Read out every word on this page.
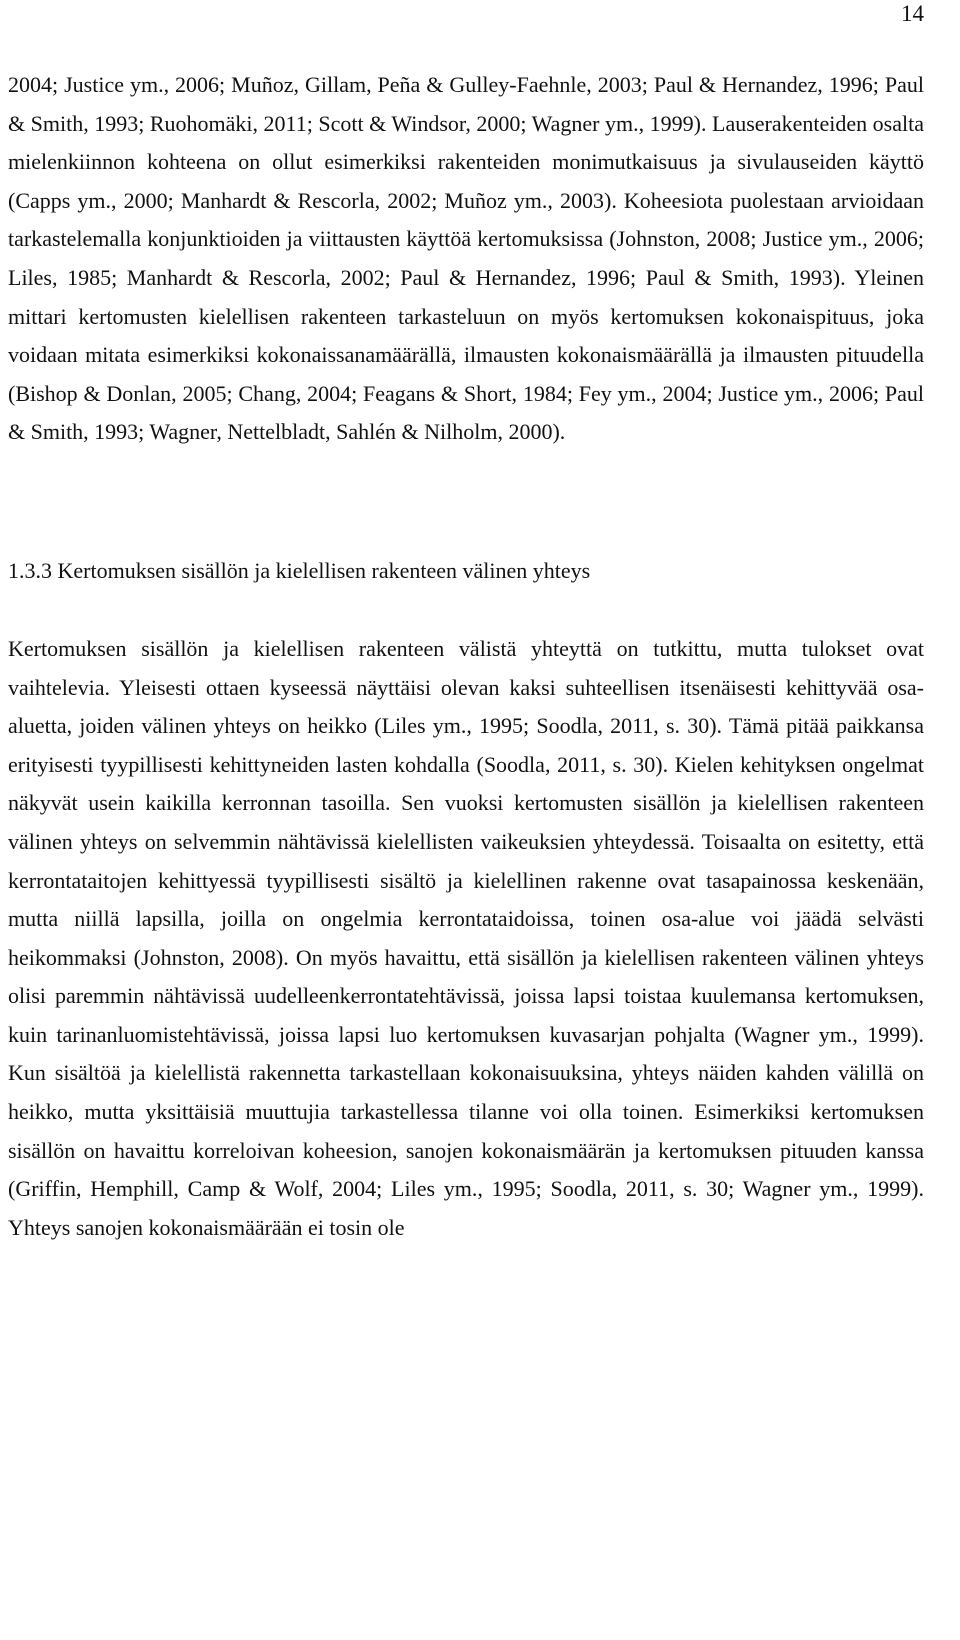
14

2004; Justice ym., 2006; Muñoz, Gillam, Peña & Gulley-Faehnle, 2003; Paul & Hernandez, 1996; Paul & Smith, 1993; Ruohomäki, 2011; Scott & Windsor, 2000; Wagner ym., 1999). Lauserakenteiden osalta mielenkiinnon kohteena on ollut esimerkiksi rakenteiden monimutkaisuus ja sivulauseiden käyttö (Capps ym., 2000; Manhardt & Rescorla, 2002; Muñoz ym., 2003). Koheesiota puolestaan arvioidaan tarkastelemalla konjunktioiden ja viittausten käyttöä kertomuksissa (Johnston, 2008; Justice ym., 2006; Liles, 1985; Manhardt & Rescorla, 2002; Paul & Hernandez, 1996; Paul & Smith, 1993). Yleinen mittari kertomusten kielellisen rakenteen tarkasteluun on myös kertomuksen kokonaispituus, joka voidaan mitata esimerkiksi kokonaissanamäärällä, ilmausten kokonaismäärällä ja ilmausten pituudella (Bishop & Donlan, 2005; Chang, 2004; Feagans & Short, 1984; Fey ym., 2004; Justice ym., 2006; Paul & Smith, 1993; Wagner, Nettelbladt, Sahlén & Nilholm, 2000).

1.3.3 Kertomuksen sisällön ja kielellisen rakenteen välinen yhteys

Kertomuksen sisällön ja kielellisen rakenteen välistä yhteyttä on tutkittu, mutta tulokset ovat vaihtelevia. Yleisesti ottaen kyseessä näyttäisi olevan kaksi suhteellisen itsenäisesti kehittyvää osa-aluetta, joiden välinen yhteys on heikko (Liles ym., 1995; Soodla, 2011, s. 30). Tämä pitää paikkansa erityisesti tyypillisesti kehittyneiden lasten kohdalla (Soodla, 2011, s. 30). Kielen kehityksen ongelmat näkyvät usein kaikilla kerronnan tasoilla. Sen vuoksi kertomusten sisällön ja kielellisen rakenteen välinen yhteys on selvemmin nähtävissä kielellisten vaikeuksien yhteydessä. Toisaalta on esitetty, että kerrontataitojen kehittyessä tyypillisesti sisältö ja kielellinen rakenne ovat tasapainossa keskenään, mutta niillä lapsilla, joilla on ongelmia kerrontataidoissa, toinen osa-alue voi jäädä selvästi heikommaksi (Johnston, 2008). On myös havaittu, että sisällön ja kielellisen rakenteen välinen yhteys olisi paremmin nähtävissä uudelleenkerrontatehtävissä, joissa lapsi toistaa kuulemansa kertomuksen, kuin tarinanluomistehtävissä, joissa lapsi luo kertomuksen kuvasarjan pohjalta (Wagner ym., 1999). Kun sisältöä ja kielellistä rakennetta tarkastellaan kokonaisuuksina, yhteys näiden kahden välillä on heikko, mutta yksittäisiä muuttujia tarkastellessa tilanne voi olla toinen. Esimerkiksi kertomuksen sisällön on havaittu korreloivan koheesion, sanojen kokonaismäärän ja kertomuksen pituuden kanssa (Griffin, Hemphill, Camp & Wolf, 2004; Liles ym., 1995; Soodla, 2011, s. 30; Wagner ym., 1999). Yhteys sanojen kokonaismäärään ei tosin ole
